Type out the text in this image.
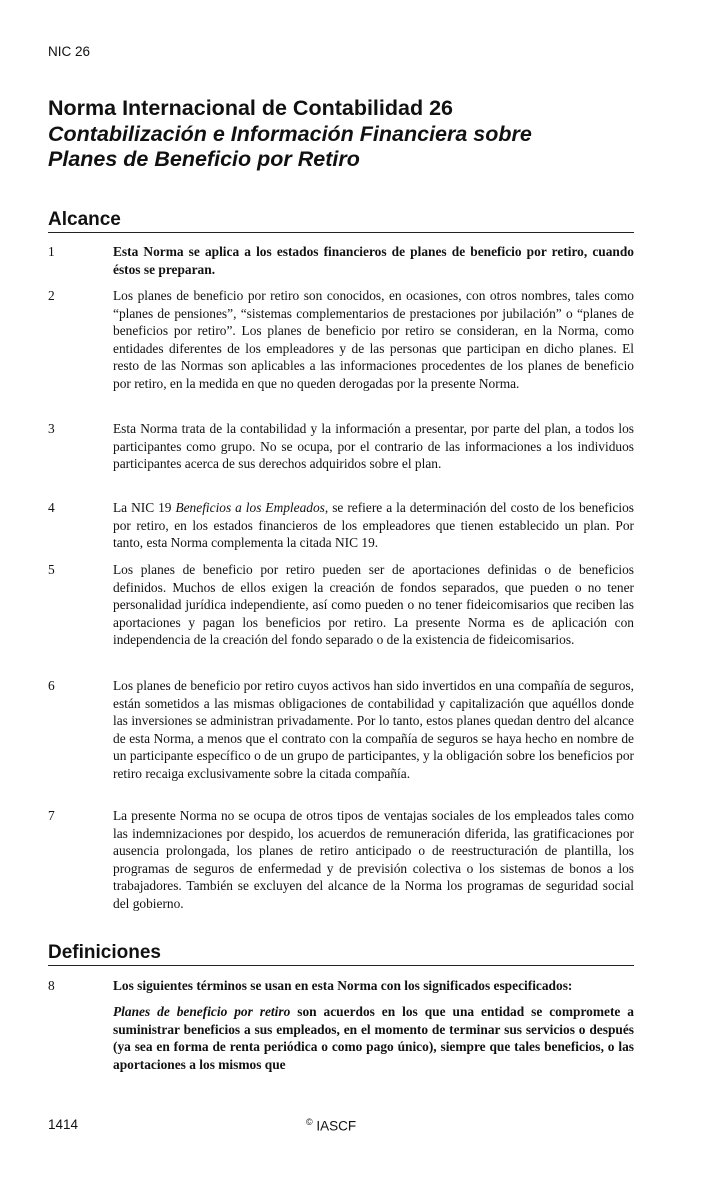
NIC 26
Norma Internacional de Contabilidad 26
Contabilización e Información Financiera sobre
Planes de Beneficio por Retiro
Alcance
1	Esta Norma se aplica a los estados financieros de planes de beneficio por retiro, cuando éstos se preparan.
2	Los planes de beneficio por retiro son conocidos, en ocasiones, con otros nombres, tales como “planes de pensiones”, “sistemas complementarios de prestaciones por jubilación” o “planes de beneficios por retiro”. Los planes de beneficio por retiro se consideran, en la Norma, como entidades diferentes de los empleadores y de las personas que participan en dicho planes. El resto de las Normas son aplicables a las informaciones procedentes de los planes de beneficio por retiro, en la medida en que no queden derogadas por la presente Norma.
3	Esta Norma trata de la contabilidad y la información a presentar, por parte del plan, a todos los participantes como grupo. No se ocupa, por el contrario de las informaciones a los individuos participantes acerca de sus derechos adquiridos sobre el plan.
4	La NIC 19 Beneficios a los Empleados, se refiere a la determinación del costo de los beneficios por retiro, en los estados financieros de los empleadores que tienen establecido un plan. Por tanto, esta Norma complementa la citada NIC 19.
5	Los planes de beneficio por retiro pueden ser de aportaciones definidas o de beneficios definidos. Muchos de ellos exigen la creación de fondos separados, que pueden o no tener personalidad jurídica independiente, así como pueden o no tener fideicomisarios que reciben las aportaciones y pagan los beneficios por retiro. La presente Norma es de aplicación con independencia de la creación del fondo separado o de la existencia de fideicomisarios.
6	Los planes de beneficio por retiro cuyos activos han sido invertidos en una compañía de seguros, están sometidos a las mismas obligaciones de contabilidad y capitalización que aquéllos donde las inversiones se administran privadamente. Por lo tanto, estos planes quedan dentro del alcance de esta Norma, a menos que el contrato con la compañía de seguros se haya hecho en nombre de un participante específico o de un grupo de participantes, y la obligación sobre los beneficios por retiro recaiga exclusivamente sobre la citada compañía.
7	La presente Norma no se ocupa de otros tipos de ventajas sociales de los empleados tales como las indemnizaciones por despido, los acuerdos de remuneración diferida, las gratificaciones por ausencia prolongada, los planes de retiro anticipado o de reestructuración de plantilla, los programas de seguros de enfermedad y de previsión colectiva o los sistemas de bonos a los trabajadores. También se excluyen del alcance de la Norma los programas de seguridad social del gobierno.
Definiciones
8	Los siguientes términos se usan en esta Norma con los significados especificados:
Planes de beneficio por retiro son acuerdos en los que una entidad se compromete a suministrar beneficios a sus empleados, en el momento de terminar sus servicios o después (ya sea en forma de renta periódica o como pago único), siempre que tales beneficios, o las aportaciones a los mismos que
1414	© IASCF
